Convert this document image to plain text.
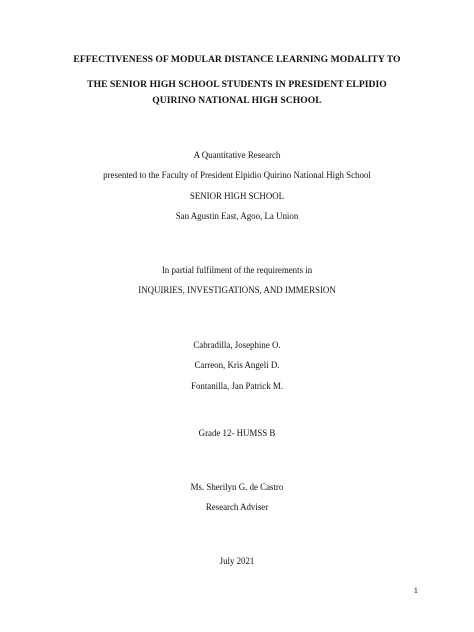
EFFECTIVENESS OF MODULAR DISTANCE LEARNING MODALITY TO
THE SENIOR HIGH SCHOOL STUDENTS IN PRESIDENT ELPIDIO
QUIRINO NATIONAL HIGH SCHOOL
A Quantitative Research
presented to the Faculty of President Elpidio Quirino National High School
SENIOR HIGH SCHOOL
San Agustin East, Agoo, La Union
In partial fulfilment of the requirements in
INQUIRIES, INVESTIGATIONS, AND IMMERSION
Cabradilla, Josephine O.
Carreon, Kris Angeli D.
Fontanilla, Jan Patrick M.
Grade 12- HUMSS B
Ms. Sherilyn G. de Castro
Research Adviser
July 2021
1
